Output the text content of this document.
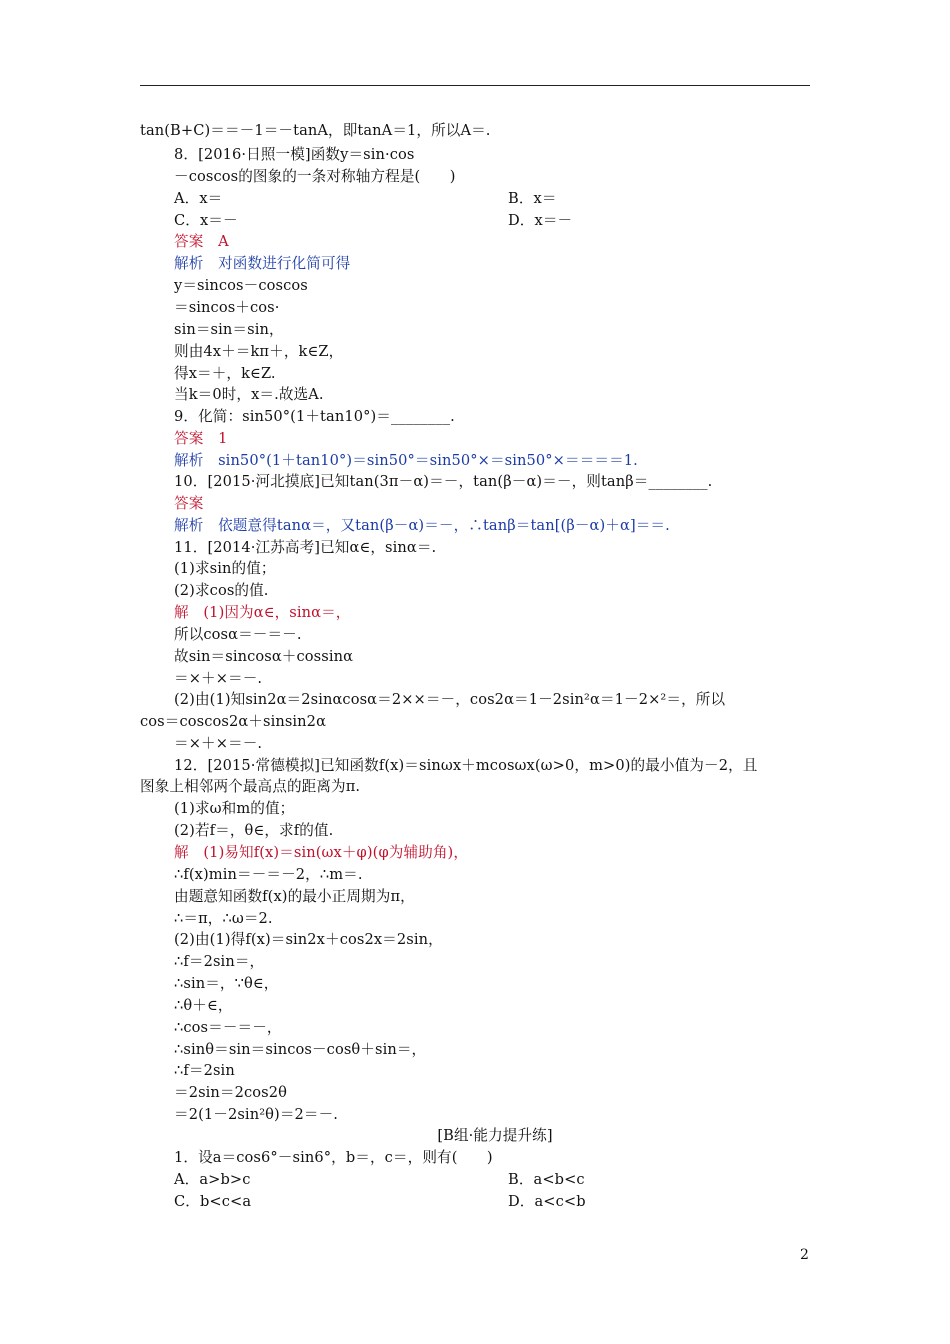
tan(B+C)＝＝－1＝－tanA，即tanA＝1，所以A＝.
8．[2016·日照一模]函数y＝sin·cos
－coscos的图象的一条对称轴方程是(　　)
A．x＝	B．x＝
C．x＝－	D．x＝－
答案　A
解析　对函数进行化简可得
y＝sincos－coscos
＝sincos＋cos·
sin＝sin＝sin，
则由4x＋＝kπ＋，k∈Z，
得x＝＋，k∈Z.
当k＝0时，x＝.故选A.
9．化简：sin50°(1＋tan10°)＝________.
答案　1
解析　sin50°(1＋tan10°)＝sin50°＝sin50°×＝sin50°×＝＝＝＝1.
10．[2015·河北摸底]已知tan(3π－α)＝－，tan(β－α)＝－，则tanβ＝________.
答案
解析　依题意得tanα＝，又tan(β－α)＝－，∴tanβ＝tan[(β－α)＋α]＝＝.
11．[2014·江苏高考]已知α∈，sinα＝.
(1)求sin的值；
(2)求cos的值.
解　(1)因为α∈，sinα＝，
所以cosα＝－＝－.
故sin＝sincosα＋cossinα
＝×＋×＝－.
(2)由(1)知sin2α＝2sinαcosα＝2××＝－，cos2α＝1－2sin²α＝1－2×²＝，所以
cos＝coscos2α＋sinsin2α
＝×＋×＝－.
12．[2015·常德模拟]已知函数f(x)＝sinωx＋mcosωx(ω>0，m>0)的最小值为－2，且
图象上相邻两个最高点的距离为π.
(1)求ω和m的值；
(2)若f＝，θ∈，求f的值.
解　(1)易知f(x)＝sin(ωx＋φ)(φ为辅助角)，
∴f(x)min＝－＝－2，∴m＝.
由题意知函数f(x)的最小正周期为π，
∴＝π，∴ω＝2.
(2)由(1)得f(x)＝sin2x＋cos2x＝2sin，
∴f＝2sin＝，
∴sin＝，∵θ∈，
∴θ＋∈，
∴cos＝－＝－，
∴sinθ＝sin＝sincos－cosθ＋sin＝，
∴f＝2sin
＝2sin＝2cos2θ
＝2(1－2sin²θ)＝2＝－.
[B组·能力提升练]
1．设a＝cos6°－sin6°，b＝，c＝，则有(　　)
A．a>b>c	B．a<b<c
C．b<c<a	D．a<c<b
2
